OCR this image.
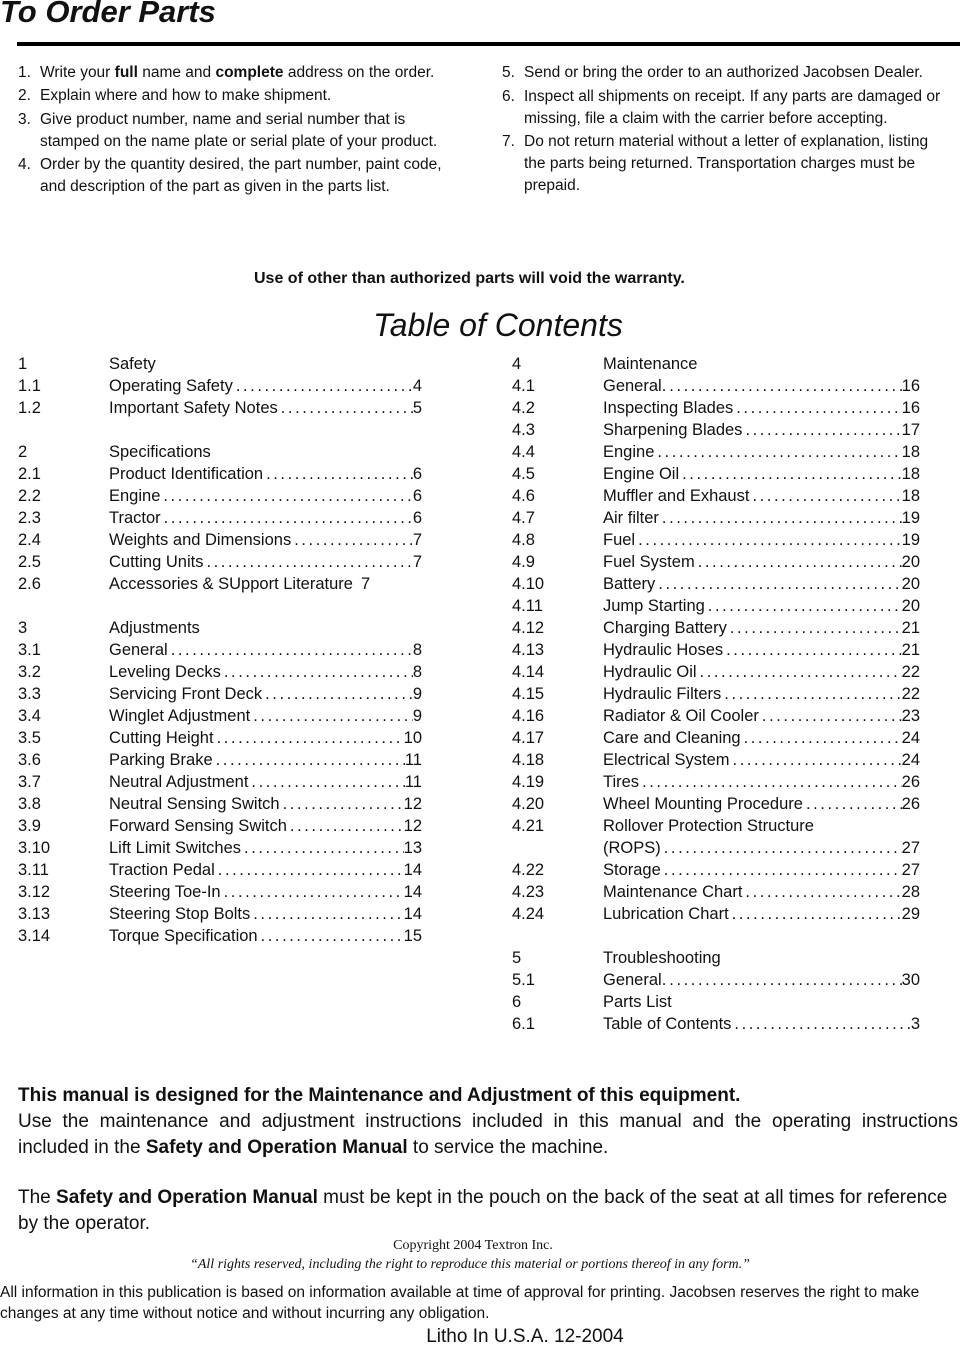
To Order Parts
1. Write your full name and complete address on the order.
2. Explain where and how to make shipment.
3. Give product number, name and serial number that is stamped on the name plate or serial plate of your product.
4. Order by the quantity desired, the part number, paint code, and description of the part as given in the parts list.
5. Send or bring the order to an authorized Jacobsen Dealer.
6. Inspect all shipments on receipt. If any parts are damaged or missing, file a claim with the carrier before accepting.
7. Do not return material without a letter of explanation, listing the parts being returned. Transportation charges must be prepaid.
Use of other than authorized parts will void the warranty.
Table of Contents
1	Safety
1.1	Operating Safety . . .	4
1.2	Important Safety Notes . . .	5
2	Specifications
2.1	Product Identification . . .	6
2.2	Engine . . .	6
2.3	Tractor . . .	6
2.4	Weights and Dimensions . . .	7
2.5	Cutting Units . . .	7
2.6	Accessories & SUpport Literature 7
3	Adjustments
3.1	General . . .	8
3.2	Leveling Decks . . .	8
3.3	Servicing Front Deck . . .	9
3.4	Winglet Adjustment . . .	9
3.5	Cutting Height . . .	10
3.6	Parking Brake . . .	11
3.7	Neutral Adjustment . . .	11
3.8	Neutral Sensing Switch . . .	12
3.9	Forward Sensing Switch . . .	12
3.10	Lift Limit Switches . . .	13
3.11	Traction Pedal . . .	14
3.12	Steering Toe-In . . .	14
3.13	Steering Stop Bolts . . .	14
3.14	Torque Specification . . .	15
4	Maintenance
4.1	General. . . .	16
4.2	Inspecting Blades . . .	16
4.3	Sharpening Blades . . .	17
4.4	Engine . . .	18
4.5	Engine Oil . . .	18
4.6	Muffler and Exhaust . . .	18
4.7	Air filter . . .	19
4.8	Fuel . . .	19
4.9	Fuel System . . .	20
4.10	Battery . . .	20
4.11	Jump Starting . . .	20
4.12	Charging Battery . . .	21
4.13	Hydraulic Hoses . . .	21
4.14	Hydraulic Oil . . .	22
4.15	Hydraulic Filters . . .	22
4.16	Radiator & Oil Cooler . . .	23
4.17	Care and Cleaning . . .	24
4.18	Electrical System . . .	24
4.19	Tires . . .	26
4.20	Wheel Mounting Procedure . . .	26
4.21	Rollover Protection Structure
(ROPS) . . .	27
4.22	Storage . . .	27
4.23	Maintenance Chart . . .	28
4.24	Lubrication Chart . . .	29
5	Troubleshooting
5.1	General. . . .	30
6	Parts List
6.1	Table of Contents . . .	3

This manual is designed for the Maintenance and Adjustment of this equipment.

Use the maintenance and adjustment instructions included in this manual and the operating instructions included in the Safety and Operation Manual to service the machine.

The Safety and Operation Manual must be kept in the pouch on the back of the seat at all times for reference by the operator.

Copyright 2004 Textron Inc.
“All rights reserved, including the right to reproduce this material or portions thereof in any form.”
All information in this publication is based on information available at time of approval for printing. Jacobsen reserves the right to make changes at any time without notice and without incurring any obligation.
Litho In U.S.A. 12-2004
